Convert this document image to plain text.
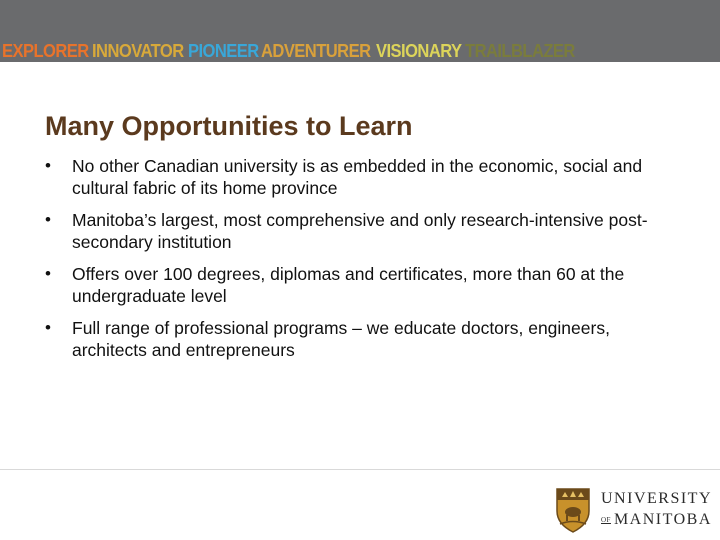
EXPLORER INNOVATOR PIONEER ADVENTURER VISIONARY TRAILBLAZER
Many Opportunities to Learn
• No other Canadian university is as embedded in the economic, social and cultural fabric of its home province
• Manitoba’s largest, most comprehensive and only research-intensive post-secondary institution
• Offers over 100 degrees, diplomas and certificates, more than 60 at the undergraduate level
• Full range of professional programs – we educate doctors, engineers, architects and entrepreneurs
UNIVERSITY
OF MANITOBA
